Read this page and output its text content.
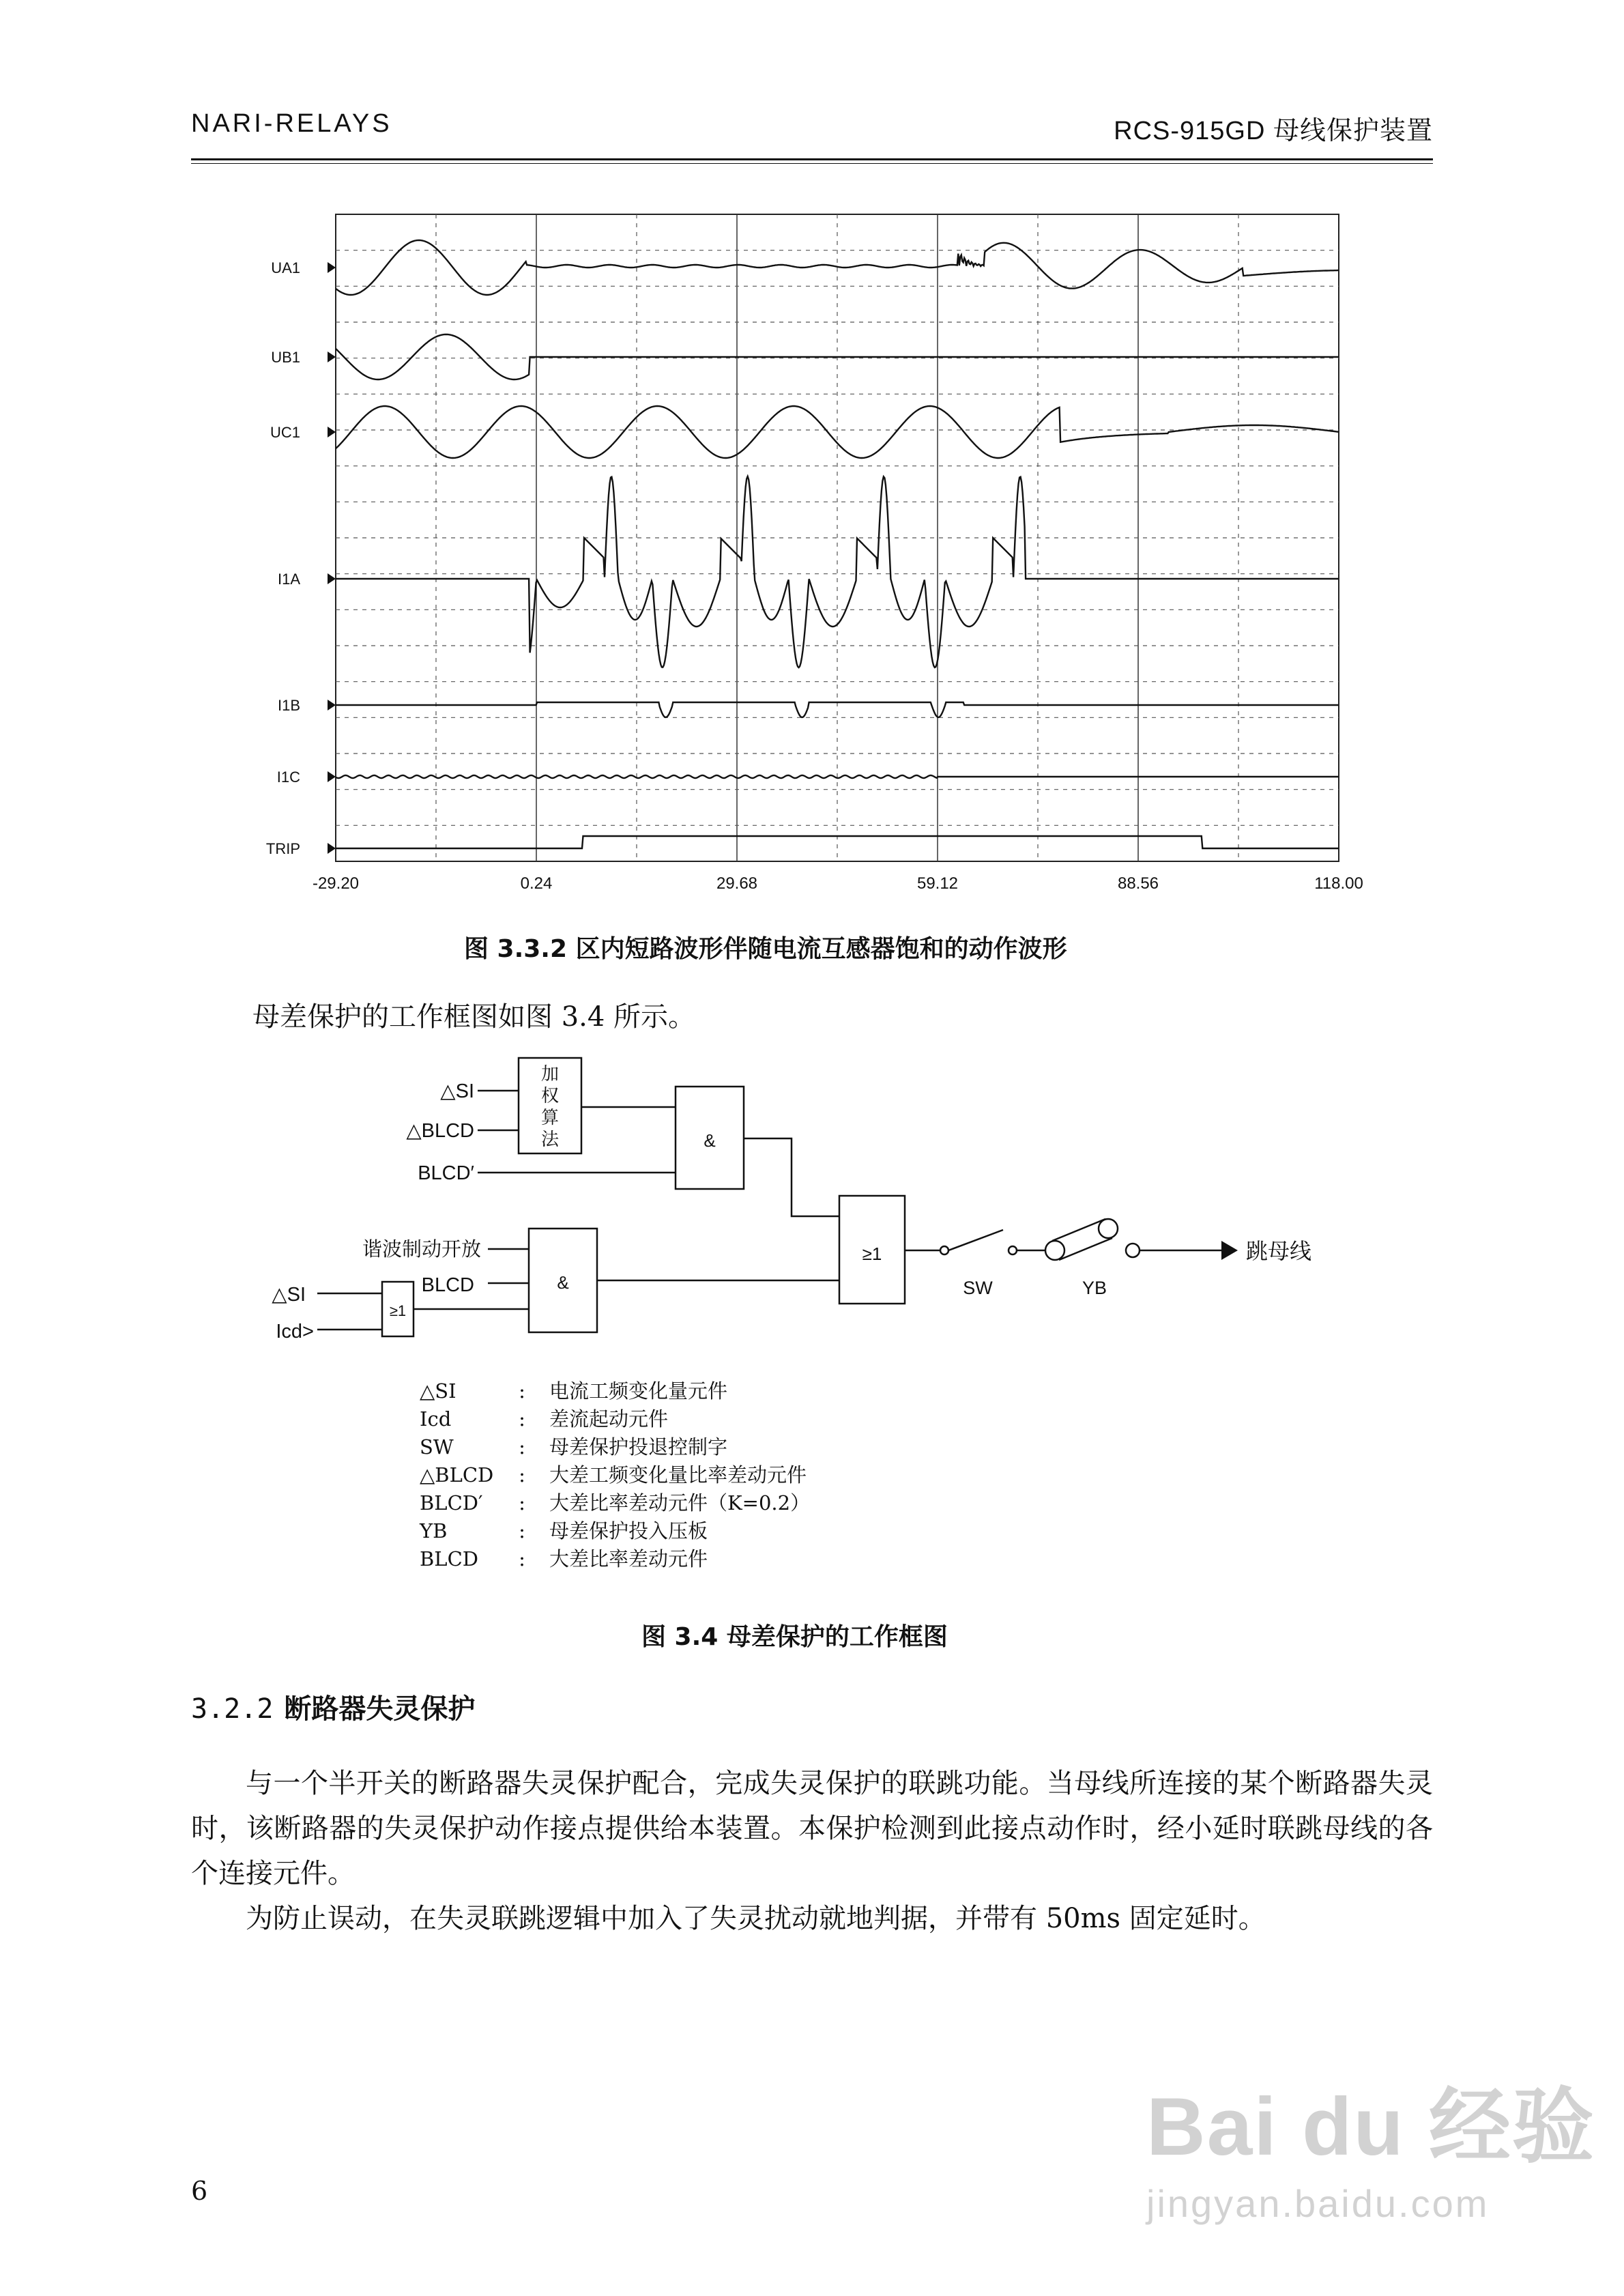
NARI-RELAYS	RCS-915GD 母线保护装置
UA1
UB1
UC1
I1A
I1B
I1C
TRIP
-29.20	0.24	29.68	59.12	88.56	118.00
图 3.3.2 区内短路波形伴随电流互感器饱和的动作波形
母差保护的工作框图如图 3.4 所示。
△SI
△BLCD
BLCD′
谐波制动开放
BLCD
△SI
Icd>
&
&
≥1
≥1
SW	YB
跳母线
加
权
算
法
△SI	: 电流工频变化量元件
Icd	: 差流起动元件
SW	: 母差保护投退控制字
△BLCD : 大差工频变化量比率差动元件
BLCD′ : 大差比率差动元件（K=0.2）
YB	: 母差保护投入压板
BLCD : 大差比率差动元件
图 3.4 母差保护的工作框图
3.2.2 断路器失灵保护
与一个半开关的断路器失灵保护配合，完成失灵保护的联跳功能。当母线所连接的某个断路器失灵时，该断路器的失灵保护动作接点提供给本装置。本保护检测到此接点动作时，经小延时联跳母线的各个连接元件。
为防止误动，在失灵联跳逻辑中加入了失灵扰动就地判据，并带有 50ms 固定延时。
6
Bai du 经验
jingyan.baidu.com
